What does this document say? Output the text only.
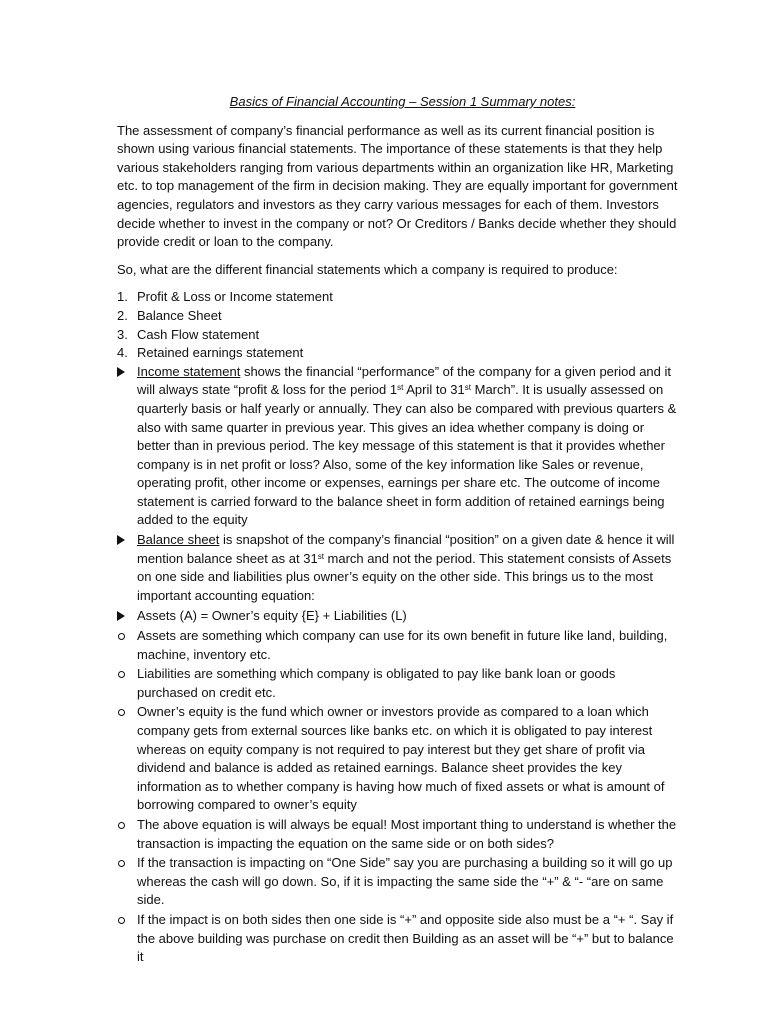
Basics of Financial Accounting – Session 1 Summary notes:

The assessment of company’s financial performance as well as its current financial position is shown using various financial statements. The importance of these statements is that they help various stakeholders ranging from various departments within an organization like HR, Marketing etc. to top management of the firm in decision making. They are equally important for government agencies, regulators and investors as they carry various messages for each of them. Investors decide whether to invest in the company or not? Or Creditors / Banks decide whether they should provide credit or loan to the company.

So, what are the different financial statements which a company is required to produce:

1. Profit & Loss or Income statement
2. Balance Sheet
3. Cash Flow statement
4. Retained earnings statement
Income statement shows the financial “performance” of the company for a given period and it will always state “profit & loss for the period 1st April to 31st March”. It is usually assessed on quarterly basis or half yearly or annually. They can also be compared with previous quarters & also with same quarter in previous year. This gives an idea whether company is doing or better than in previous period. The key message of this statement is that it provides whether company is in net profit or loss? Also, some of the key information like Sales or revenue, operating profit, other income or expenses, earnings per share etc. The outcome of income statement is carried forward to the balance sheet in form addition of retained earnings being added to the equity
Balance sheet is snapshot of the company’s financial “position” on a given date & hence it will mention balance sheet as at 31st march and not the period. This statement consists of Assets on one side and liabilities plus owner’s equity on the other side. This brings us to the most important accounting equation:
Assets (A) = Owner’s equity {E} + Liabilities (L)
Assets are something which company can use for its own benefit in future like land, building, machine, inventory etc.
Liabilities are something which company is obligated to pay like bank loan or goods purchased on credit etc.
Owner’s equity is the fund which owner or investors provide as compared to a loan which company gets from external sources like banks etc. on which it is obligated to pay interest whereas on equity company is not required to pay interest but they get share of profit via dividend and balance is added as retained earnings. Balance sheet provides the key information as to whether company is having how much of fixed assets or what is amount of borrowing compared to owner’s equity
The above equation is will always be equal! Most important thing to understand is whether the transaction is impacting the equation on the same side or on both sides?
If the transaction is impacting on “One Side” say you are purchasing a building so it will go up whereas the cash will go down. So, if it is impacting the same side the “+” & “- “are on same side.
If the impact is on both sides then one side is “+” and opposite side also must be a “+ “. Say if the above building was purchase on credit then Building as an asset will be “+” but to balance it
